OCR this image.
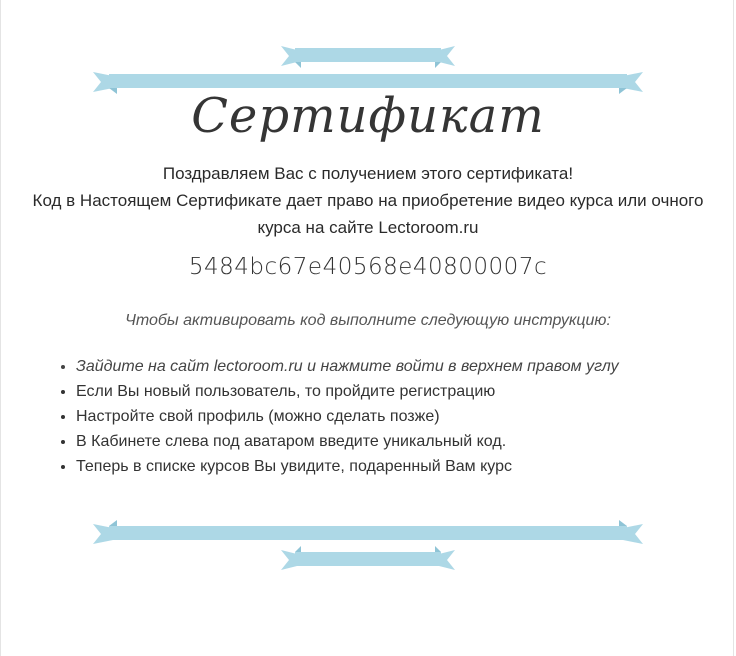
Сертификат
Поздравляем Вас с получением этого сертификата!
Код в Настоящем Сертификате дает право на приобретение видео курса или очного
курса на сайте Lectoroom.ru
5484bc67e40568e40800007c
Чтобы активировать код выполните следующую инструкцию:
• Зайдите на сайт lectoroom.ru и нажмите войти в верхнем правом углу
• Если Вы новый пользователь, то пройдите регистрацию
• Настройте свой профиль (можно сделать позже)
• В Кабинете слева под аватаром введите уникальный код.
• Теперь в списке курсов Вы увидите, подаренный Вам курс
